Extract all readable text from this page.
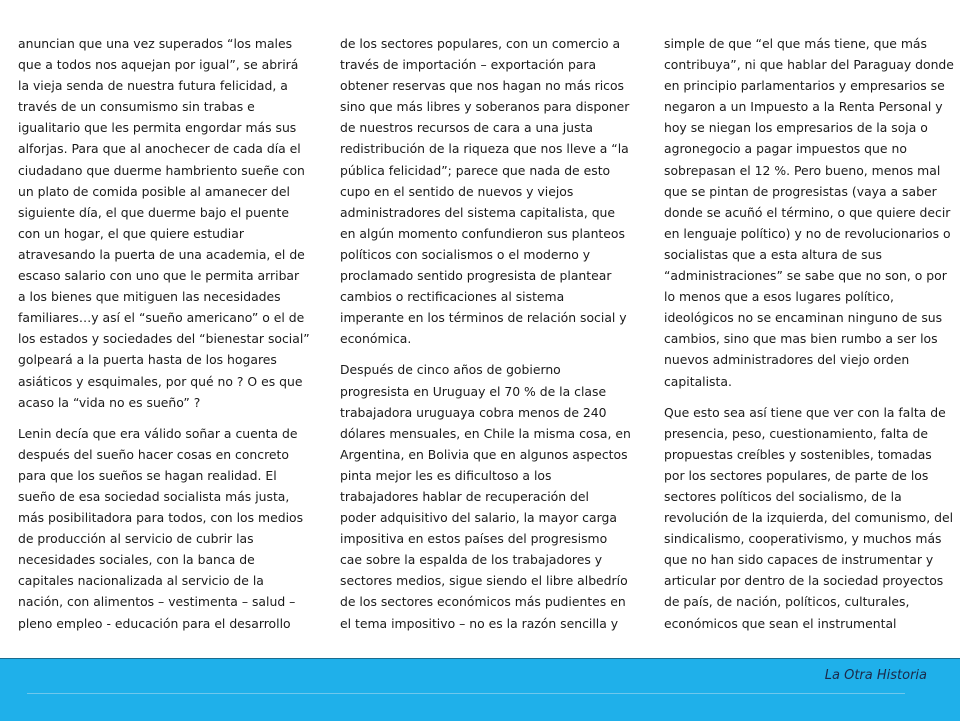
anuncian que una vez superados “los males
que a todos nos aquejan por igual”, se abrirá
la vieja senda de nuestra futura felicidad, a
través de un consumismo sin trabas e
igualitario que les permita engordar más sus
alforjas. Para que al anochecer de cada día el
ciudadano que duerme hambriento sueñe con
un plato de comida posible al amanecer del
siguiente día, el que duerme bajo el puente
con un hogar, el que quiere estudiar
atravesando la puerta de una academia, el de
escaso salario con uno que le permita arribar
a los bienes que mitiguen las necesidades
familiares…y así el “sueño americano” o el de
los estados y sociedades del “bienestar social”
golpeará a la puerta hasta de los hogares
asiáticos y esquimales, por qué no ? O es que
acaso la “vida no es sueño” ?

Lenin decía que era válido soñar a cuenta de
después del sueño hacer cosas en concreto
para que los sueños se hagan realidad. El
sueño de esa sociedad socialista más justa,
más posibilitadora para todos, con los medios
de producción al servicio de cubrir las
necesidades sociales, con la banca de
capitales nacionalizada al servicio de la
nación, con alimentos – vestimenta – salud –
pleno empleo - educación para el desarrollo

de los sectores populares, con un comercio a
través de importación – exportación para
obtener reservas que nos hagan no más ricos
sino que más libres y soberanos para disponer
de nuestros recursos de cara a una justa
redistribución de la riqueza que nos lleve a “la
pública felicidad”; parece que nada de esto
cupo en el sentido de nuevos y viejos
administradores del sistema capitalista, que
en algún momento confundieron sus planteos
políticos con socialismos o el moderno y
proclamado sentido progresista de plantear
cambios o rectificaciones al sistema
imperante en los términos de relación social y
económica.

Después de cinco años de gobierno
progresista en Uruguay el 70 % de la clase
trabajadora uruguaya cobra menos de 240
dólares mensuales, en Chile la misma cosa, en
Argentina, en Bolivia que en algunos aspectos
pinta mejor les es dificultoso a los
trabajadores hablar de recuperación del
poder adquisitivo del salario, la mayor carga
impositiva en estos países del progresismo
cae sobre la espalda de los trabajadores y
sectores medios, sigue siendo el libre albedrío
de los sectores económicos más pudientes en
el tema impositivo – no es la razón sencilla y

simple de que “el que más tiene, que más
contribuya”, ni que hablar del Paraguay donde
en principio parlamentarios y empresarios se
negaron a un Impuesto a la Renta Personal y
hoy se niegan los empresarios de la soja o
agronegocio a pagar impuestos que no
sobrepasan el 12 %. Pero bueno, menos mal
que se pintan de progresistas (vaya a saber
donde se acuñó el término, o que quiere decir
en lenguaje político) y no de revolucionarios o
socialistas que a esta altura de sus
“administraciones” se sabe que no son, o por
lo menos que a esos lugares político,
ideológicos no se encaminan ninguno de sus
cambios, sino que mas bien rumbo a ser los
nuevos administradores del viejo orden
capitalista.

Que esto sea así tiene que ver con la falta de
presencia, peso, cuestionamiento, falta de
propuestas creíbles y sostenibles, tomadas
por los sectores populares, de parte de los
sectores políticos del socialismo, de la
revolución de la izquierda, del comunismo, del
sindicalismo, cooperativismo, y muchos más
que no han sido capaces de instrumentar y
articular por dentro de la sociedad proyectos
de país, de nación, políticos, culturales,
económicos que sean el instrumental

La Otra Historia
